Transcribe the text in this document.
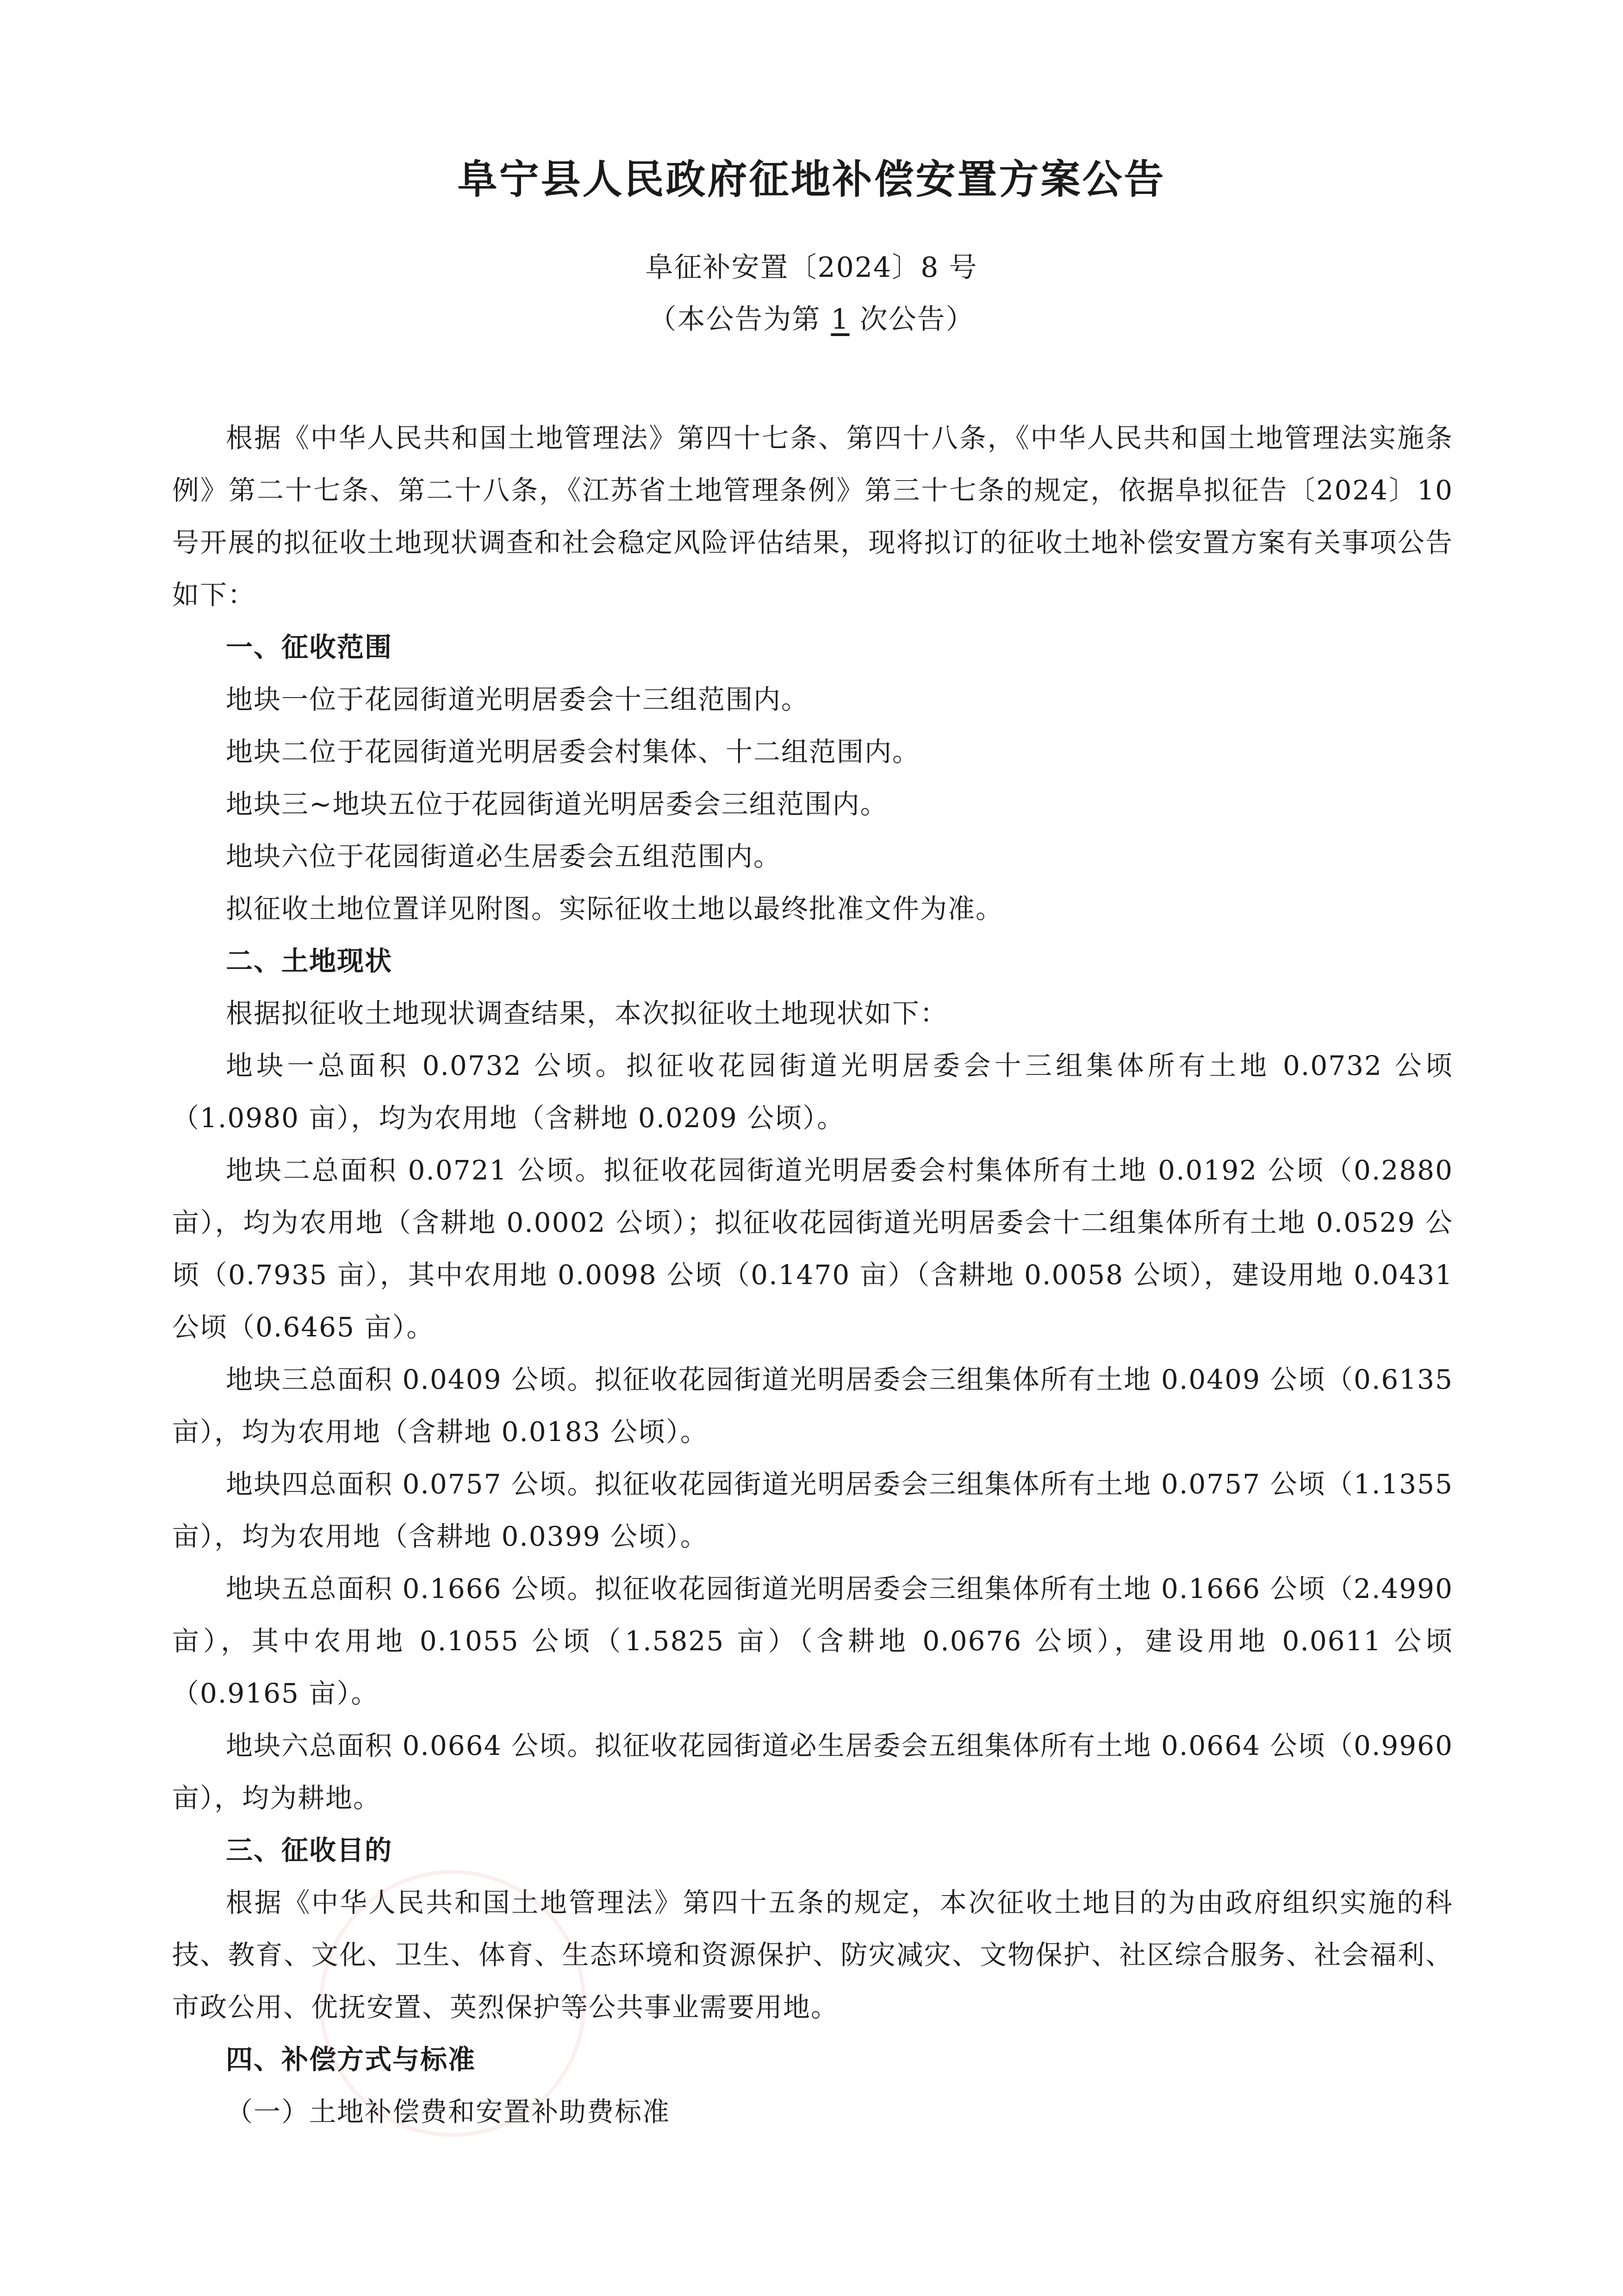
阜宁县人民政府征地补偿安置方案公告
阜征补安置〔2024〕8 号
（本公告为第 1 次公告）

根据《中华人民共和国土地管理法》第四十七条、第四十八条，《中华人民共和国土地管理法实施条例》第二十七条、第二十八条，《江苏省土地管理条例》第三十七条的规定，依据阜拟征告〔2024〕10 号开展的拟征收土地现状调查和社会稳定风险评估结果，现将拟订的征收土地补偿安置方案有关事项公告如下：

一、征收范围

地块一位于花园街道光明居委会十三组范围内。

地块二位于花园街道光明居委会村集体、十二组范围内。

地块三~地块五位于花园街道光明居委会三组范围内。

地块六位于花园街道必生居委会五组范围内。

拟征收土地位置详见附图。实际征收土地以最终批准文件为准。

二、土地现状

根据拟征收土地现状调查结果，本次拟征收土地现状如下：

地块一总面积 0.0732 公顷。拟征收花园街道光明居委会十三组集体所有土地 0.0732 公顷（1.0980 亩），均为农用地（含耕地 0.0209 公顷）。

地块二总面积 0.0721 公顷。拟征收花园街道光明居委会村集体所有土地 0.0192 公顷（0.2880 亩），均为农用地（含耕地 0.0002 公顷）；拟征收花园街道光明居委会十二组集体所有土地 0.0529 公顷（0.7935 亩），其中农用地 0.0098 公顷（0.1470 亩）（含耕地 0.0058 公顷），建设用地 0.0431 公顷（0.6465 亩）。

地块三总面积 0.0409 公顷。拟征收花园街道光明居委会三组集体所有土地 0.0409 公顷（0.6135 亩），均为农用地（含耕地 0.0183 公顷）。

地块四总面积 0.0757 公顷。拟征收花园街道光明居委会三组集体所有土地 0.0757 公顷（1.1355 亩），均为农用地（含耕地 0.0399 公顷）。

地块五总面积 0.1666 公顷。拟征收花园街道光明居委会三组集体所有土地 0.1666 公顷（2.4990 亩），其中农用地 0.1055 公顷（1.5825 亩）（含耕地 0.0676 公顷），建设用地 0.0611 公顷（0.9165 亩）。

地块六总面积 0.0664 公顷。拟征收花园街道必生居委会五组集体所有土地 0.0664 公顷（0.9960 亩），均为耕地。

三、征收目的

根据《中华人民共和国土地管理法》第四十五条的规定，本次征收土地目的为由政府组织实施的科技、教育、文化、卫生、体育、生态环境和资源保护、防灾减灾、文物保护、社区综合服务、社会福利、市政公用、优抚安置、英烈保护等公共事业需要用地。

四、补偿方式与标准
（一）土地补偿费和安置补助费标准
